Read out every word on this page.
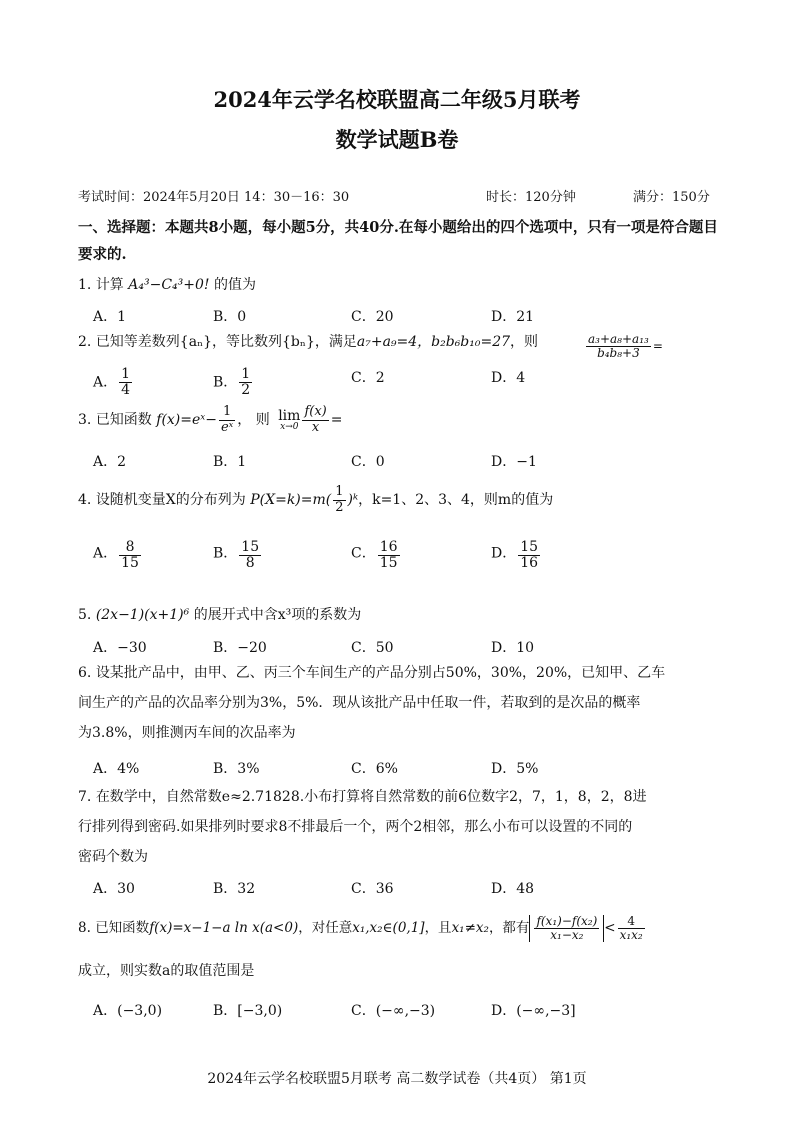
2024年云学名校联盟高二年级5月联考
数学试题B卷
考试时间：2024年5月20日 14：30－16：30	时长：120分钟	满分：150分
一、选择题：本题共8小题，每小题5分，共40分.在每小题给出的四个选项中，只有一项是符合题目要求的.
1. 计算 A₄³−C₄³+0! 的值为
A．1	B．0	C．20	D．21
2. 已知等差数列{aₙ}，等比数列{bₙ}，满足a₇+a₉=4，b₂b₆b₁₀=27，则	$\frac{\text{a₃+a₈+a₁₃}}{\text{b₄b₈+3}}$ =
A． $\frac{1}{4}$	B． $\frac{1}{2}$	C．2	D．4
3. 已知函数 f(x)=eˣ− $\frac{1}{\text{eˣ}}$ ， 则 lim
$x\to 0 \frac{f(x)}{x}$ =
A．2	B．1	C．0	D．−1
4. 设随机变量X的分布列为 $P(X=k)=m( \frac{1}{2}$ )ᵏ，k=1、2、3、4，则m的值为
A． $\frac{8}{15}$	B． $\frac{15}{8}$	C． $\frac{16}{15}$	D． $\frac{15}{16}$
5. (2x−1)(x+1)⁶ 的展开式中含x³项的系数为
A．−30	B．−20	C．50	D．10
6. 设某批产品中，由甲、乙、丙三个车间生产的产品分别占50%，30%，20%，已知甲、乙车
间生产的产品的次品率分别为3%，5%．现从该批产品中任取一件，若取到的是次品的概率
为3.8%，则推测丙车间的次品率为
A．4%	B．3%	C．6%	D．5%
7. 在数学中，自然常数e≈2.71828.小布打算将自然常数的前6位数字2，7，1，8，2，8进
行排列得到密码.如果排列时要求8不排最后一个，两个2相邻，那么小布可以设置的不同的
密码个数为
A．30	B．32	C．36	D．48
8. 已知函数f(x)=x−1−a ln x(a<0)，对任意x₁,x₂∈(0,1]，且x₁≠x₂，都有 $\frac{\text{f(x₁)−f(x₂)}}{\text{x₁−x₂}} < \frac{4}{\text{x₁x₂}}$
成立，则实数a的取值范围是
A．(−3,0)	B．[−3,0)	C．(−∞,−3)	D．(−∞,−3]
2024年云学名校联盟5月联考 高二数学试卷（共4页） 第1页
